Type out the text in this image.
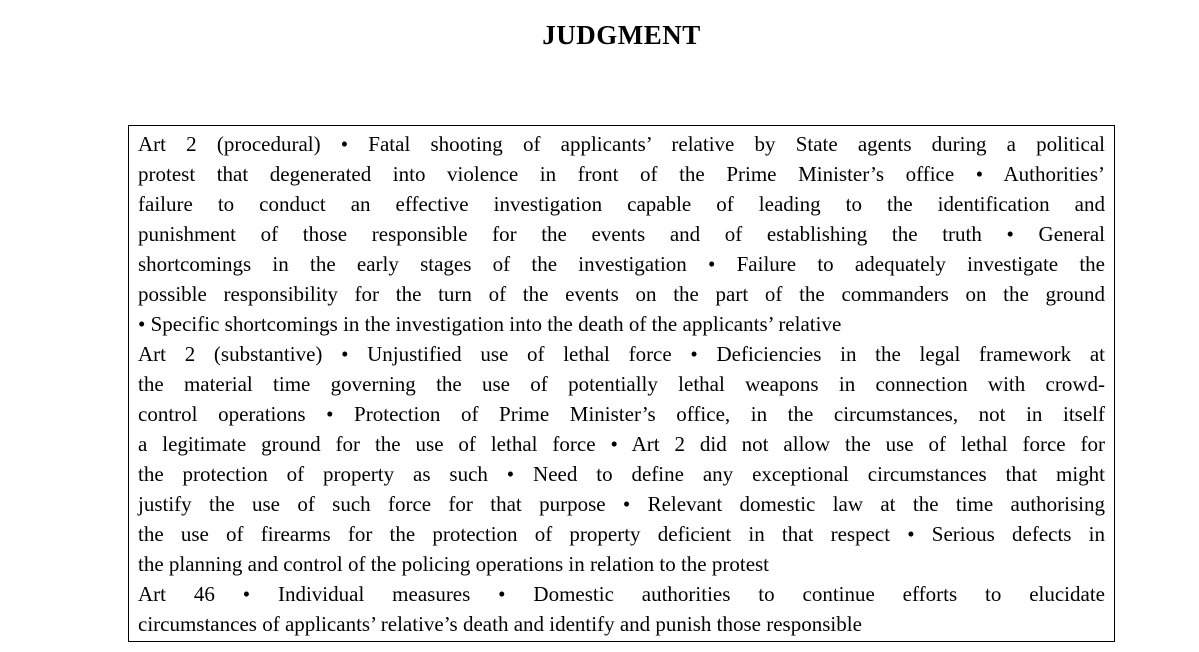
JUDGMENT
Art 2 (procedural) • Fatal shooting of applicants’ relative by State agents during a political
protest that degenerated into violence in front of the Prime Minister’s office • Authorities’
failure to conduct an effective investigation capable of leading to the identification and
punishment of those responsible for the events and of establishing the truth • General
shortcomings in the early stages of the investigation • Failure to adequately investigate the
possible responsibility for the turn of the events on the part of the commanders on the ground
• Specific shortcomings in the investigation into the death of the applicants’ relative
Art 2 (substantive) • Unjustified use of lethal force • Deficiencies in the legal framework at
the material time governing the use of potentially lethal weapons in connection with crowd-
control operations • Protection of Prime Minister’s office, in the circumstances, not in itself
a legitimate ground for the use of lethal force • Art 2 did not allow the use of lethal force for
the protection of property as such • Need to define any exceptional circumstances that might
justify the use of such force for that purpose • Relevant domestic law at the time authorising
the use of firearms for the protection of property deficient in that respect • Serious defects in
the planning and control of the policing operations in relation to the protest
Art 46 • Individual measures • Domestic authorities to continue efforts to elucidate
circumstances of applicants’ relative’s death and identify and punish those responsible
